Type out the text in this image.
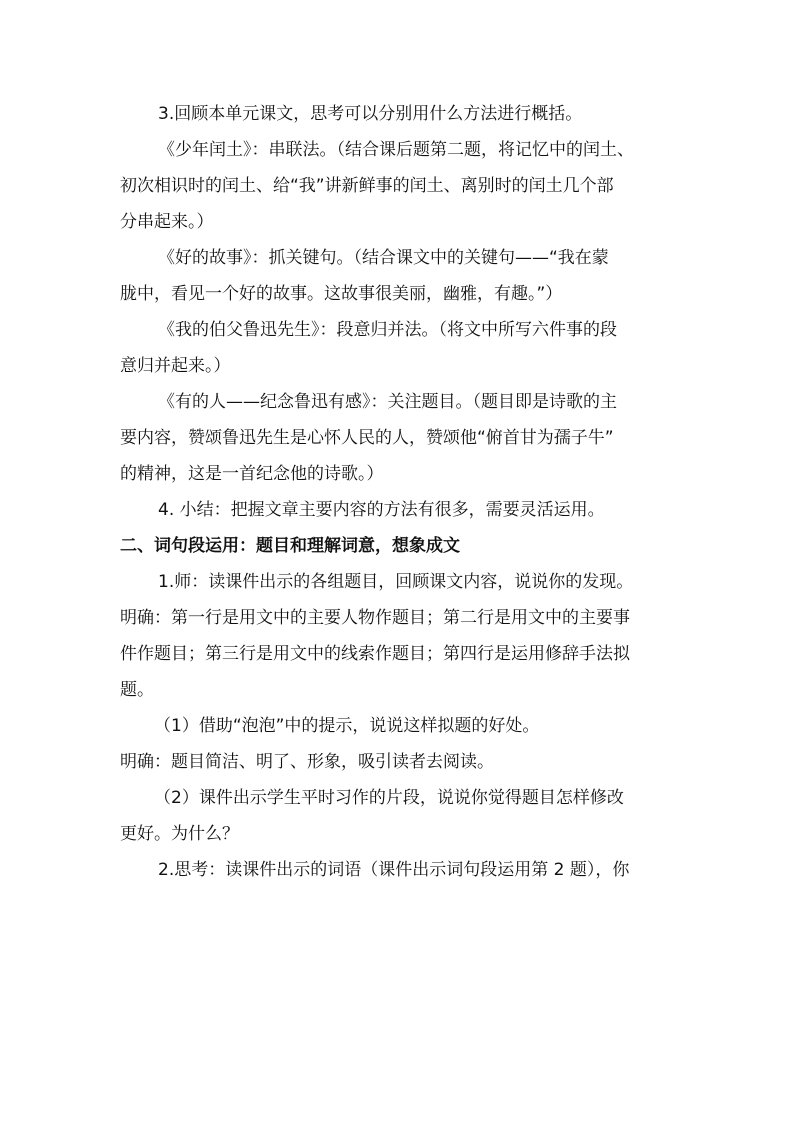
3.回顾本单元课文，思考可以分别用什么方法进行概括。

《少年闰土》：串联法。（结合课后题第二题，将记忆中的闰土、

初次相识时的闰土、给“我”讲新鲜事的闰土、离别时的闰土几个部

分串起来。）

《好的故事》：抓关键句。（结合课文中的关键句——“我在蒙

胧中，看见一个好的故事。这故事很美丽，幽雅，有趣。”）

《我的伯父鲁迅先生》：段意归并法。（将文中所写六件事的段

意归并起来。）

《有的人——纪念鲁迅有感》：关注题目。（题目即是诗歌的主

要内容，赞颂鲁迅先生是心怀人民的人，赞颂他“俯首甘为孺子牛”

的精神，这是一首纪念他的诗歌。）

4. 小结：把握文章主要内容的方法有很多，需要灵活运用。

二、词句段运用：题目和理解词意，想象成文

1.师：读课件出示的各组题目，回顾课文内容，说说你的发现。

明确：第一行是用文中的主要人物作题目；第二行是用文中的主要事

件作题目；第三行是用文中的线索作题目；第四行是运用修辞手法拟

题。

（1）借助“泡泡”中的提示，说说这样拟题的好处。

明确：题目简洁、明了、形象，吸引读者去阅读。

（2）课件出示学生平时习作的片段，说说你觉得题目怎样修改

更好。为什么？

2.思考：读课件出示的词语（课件出示词句段运用第 2 题），你
